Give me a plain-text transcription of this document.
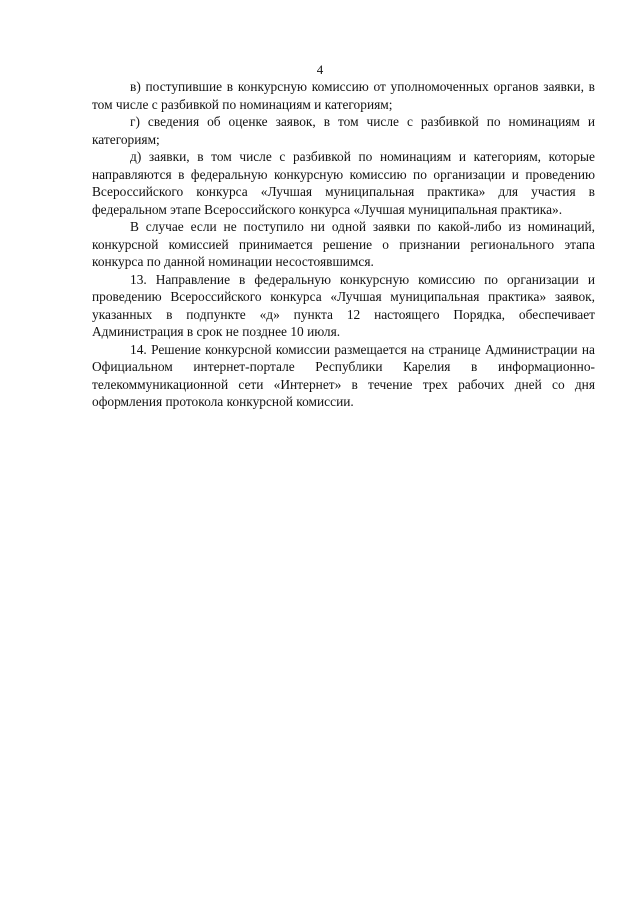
4

в) поступившие в конкурсную комиссию от уполномоченных органов заявки, в том числе с разбивкой по номинациям и категориям;

г) сведения об оценке заявок, в том числе с разбивкой по номинациям и категориям;

д) заявки, в том числе с разбивкой по номинациям и категориям, которые направляются в федеральную конкурсную комиссию по организации и проведению Всероссийского конкурса «Лучшая муниципальная практика» для участия в федеральном этапе Всероссийского конкурса «Лучшая муниципальная практика».

В случае если не поступило ни одной заявки по какой-либо из номинаций, конкурсной комиссией принимается решение о признании регионального этапа конкурса по данной номинации несостоявшимся.

13. Направление в федеральную конкурсную комиссию по организации и проведению Всероссийского конкурса «Лучшая муниципальная практика» заявок, указанных в подпункте «д» пункта 12 настоящего Порядка, обеспечивает Администрация в срок не позднее 10 июля.

14. Решение конкурсной комиссии размещается на странице Администрации на Официальном интернет-портале Республики Карелия в информационно-телекоммуникационной сети «Интернет» в течение трех рабочих дней со дня оформления протокола конкурсной комиссии.
